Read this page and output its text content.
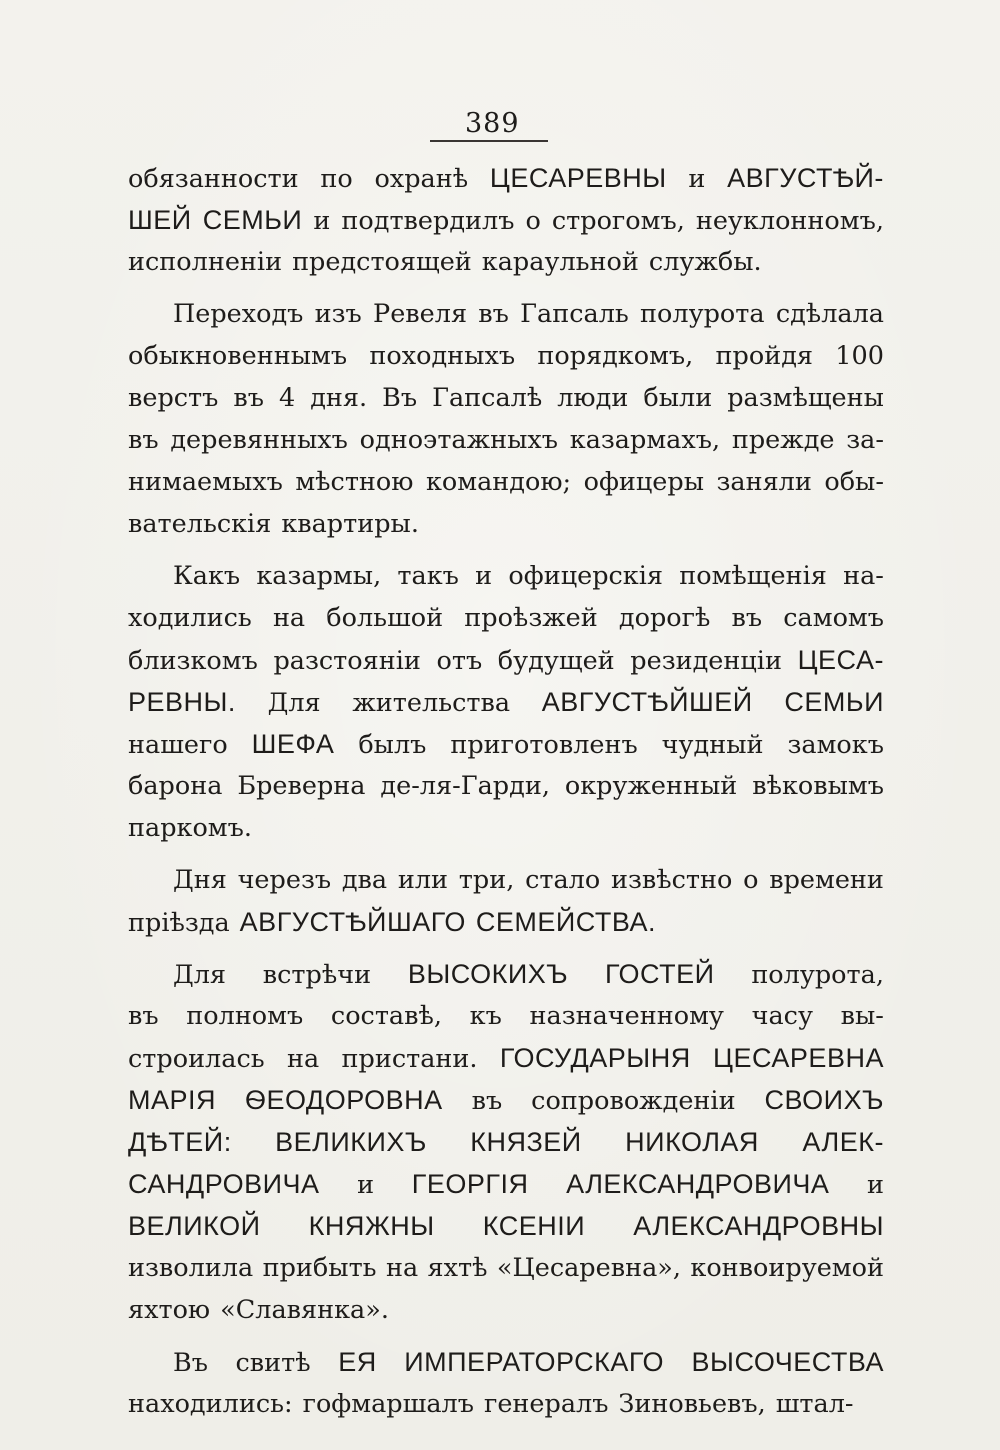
389
обязанности по охранѣ ЦЕСАРЕВНЫ и АВГУСТѢЙ-
ШЕЙ СЕМЬИ и подтвердилъ о строгомъ, неуклонномъ,
исполненіи предстоящей караульной службы.
Переходъ изъ Ревеля въ Гапсаль полурота сдѣлала
обыкновеннымъ походныхъ порядкомъ, пройдя 100
верстъ въ 4 дня. Въ Гапсалѣ люди были размѣщены
въ деревянныхъ одноэтажныхъ казармахъ, прежде за-
нимаемыхъ мѣстною командою; офицеры заняли обы-
вательскія квартиры.
Какъ казармы, такъ и офицерскія помѣщенія на-
ходились на большой проѣзжей дорогѣ въ самомъ
близкомъ разстояніи отъ будущей резиденціи ЦЕСА-
РЕВНЫ. Для жительства АВГУСТѢЙШЕЙ СЕМЬИ
нашего ШЕФА былъ приготовленъ чудный замокъ
барона Бреверна де-ля-Гарди, окруженный вѣковымъ
паркомъ.
Дня черезъ два или три, стало извѣстно о времени
пріѣзда АВГУСТѢЙШАГО СЕМЕЙСТВА.
Для встрѣчи ВЫСОКИХЪ ГОСТЕЙ полурота,
въ полномъ составѣ, къ назначенному часу вы-
строилась на пристани. ГОСУДАРЫНЯ ЦЕСАРЕВНА
МАРІЯ ѲЕОДОРОВНА въ сопровожденіи СВОИХЪ
ДѢТЕЙ: ВЕЛИКИХЪ КНЯЗЕЙ НИКОЛАЯ АЛЕК-
САНДРОВИЧА и ГЕОРГІЯ АЛЕКСАНДРОВИЧА и
ВЕЛИКОЙ КНЯЖНЫ КСЕНІИ АЛЕКСАНДРОВНЫ
изволила прибыть на яхтѣ «Цесаревна», конвоируемой
яхтою «Славянка».
Въ свитѣ ЕЯ ИМПЕРАТОРСКАГО ВЫСОЧЕСТВА
находились: гофмаршалъ генералъ Зиновьевъ, штал-
